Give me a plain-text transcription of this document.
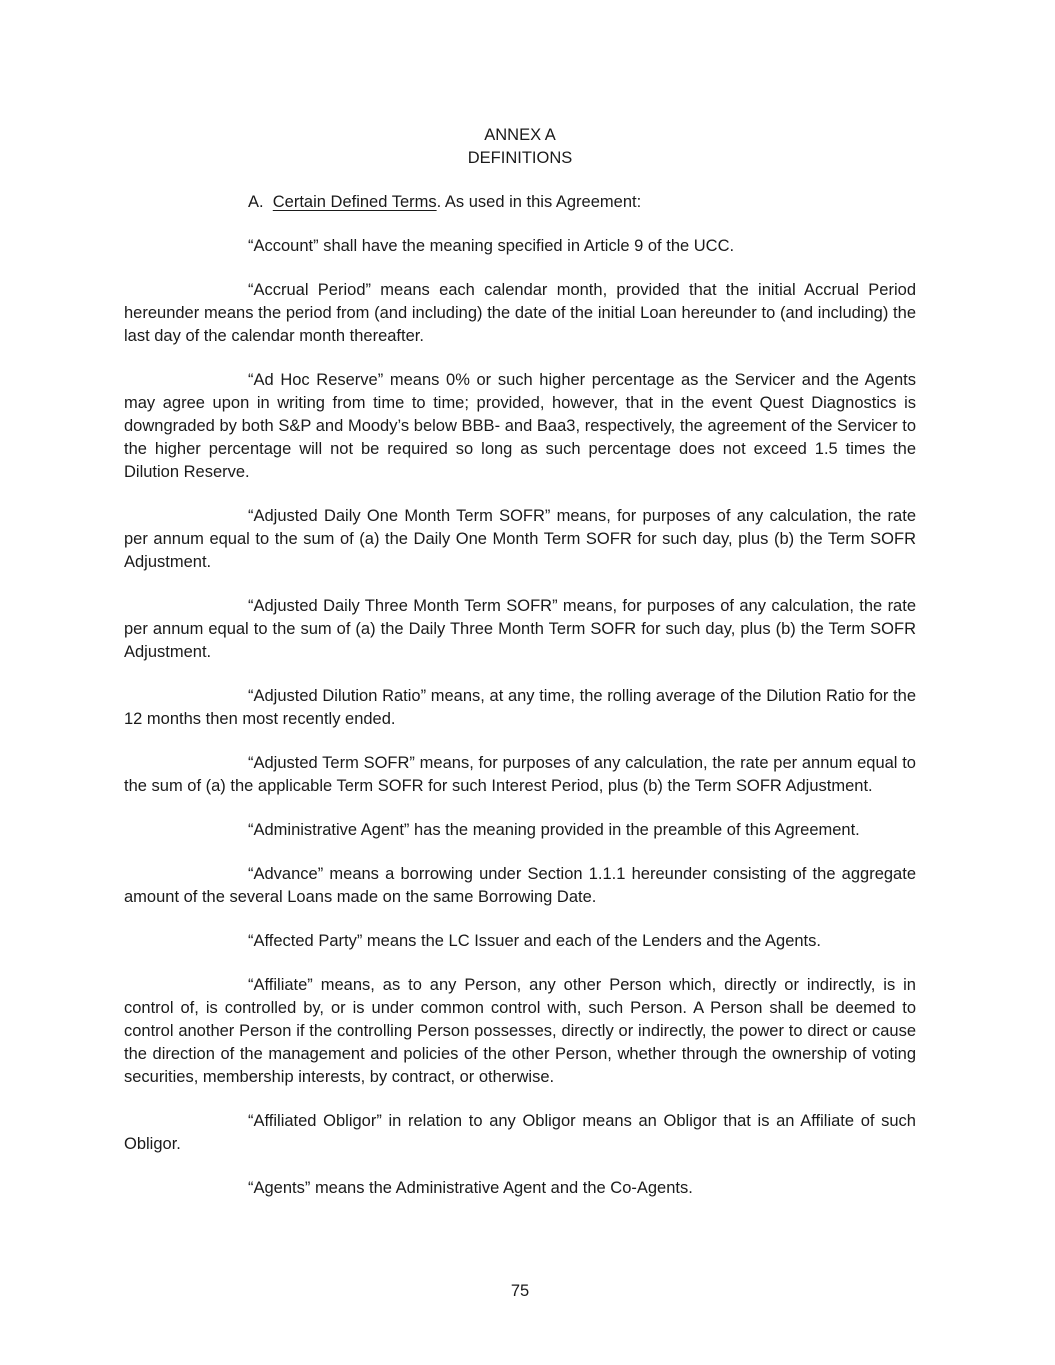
ANNEX A
DEFINITIONS

A. Certain Defined Terms. As used in this Agreement:

“Account” shall have the meaning specified in Article 9 of the UCC.

“Accrual Period” means each calendar month, provided that the initial Accrual Period hereunder means the period from (and including) the date of the initial Loan hereunder to (and including) the last day of the calendar month thereafter.

“Ad Hoc Reserve” means 0% or such higher percentage as the Servicer and the Agents may agree upon in writing from time to time; provided, however, that in the event Quest Diagnostics is downgraded by both S&P and Moody’s below BBB- and Baa3, respectively, the agreement of the Servicer to the higher percentage will not be required so long as such percentage does not exceed 1.5 times the Dilution Reserve.

“Adjusted Daily One Month Term SOFR” means, for purposes of any calculation, the rate per annum equal to the sum of (a) the Daily One Month Term SOFR for such day, plus (b) the Term SOFR Adjustment.

“Adjusted Daily Three Month Term SOFR” means, for purposes of any calculation, the rate per annum equal to the sum of (a) the Daily Three Month Term SOFR for such day, plus (b) the Term SOFR Adjustment.

“Adjusted Dilution Ratio” means, at any time, the rolling average of the Dilution Ratio for the 12 months then most recently ended.

“Adjusted Term SOFR” means, for purposes of any calculation, the rate per annum equal to the sum of (a) the applicable Term SOFR for such Interest Period, plus (b) the Term SOFR Adjustment.

“Administrative Agent” has the meaning provided in the preamble of this Agreement.

“Advance” means a borrowing under Section 1.1.1 hereunder consisting of the aggregate amount of the several Loans made on the same Borrowing Date.

“Affected Party” means the LC Issuer and each of the Lenders and the Agents.

“Affiliate” means, as to any Person, any other Person which, directly or indirectly, is in control of, is controlled by, or is under common control with, such Person. A Person shall be deemed to control another Person if the controlling Person possesses, directly or indirectly, the power to direct or cause the direction of the management and policies of the other Person, whether through the ownership of voting securities, membership interests, by contract, or otherwise.

“Affiliated Obligor” in relation to any Obligor means an Obligor that is an Affiliate of such Obligor.

“Agents” means the Administrative Agent and the Co-Agents.

75
